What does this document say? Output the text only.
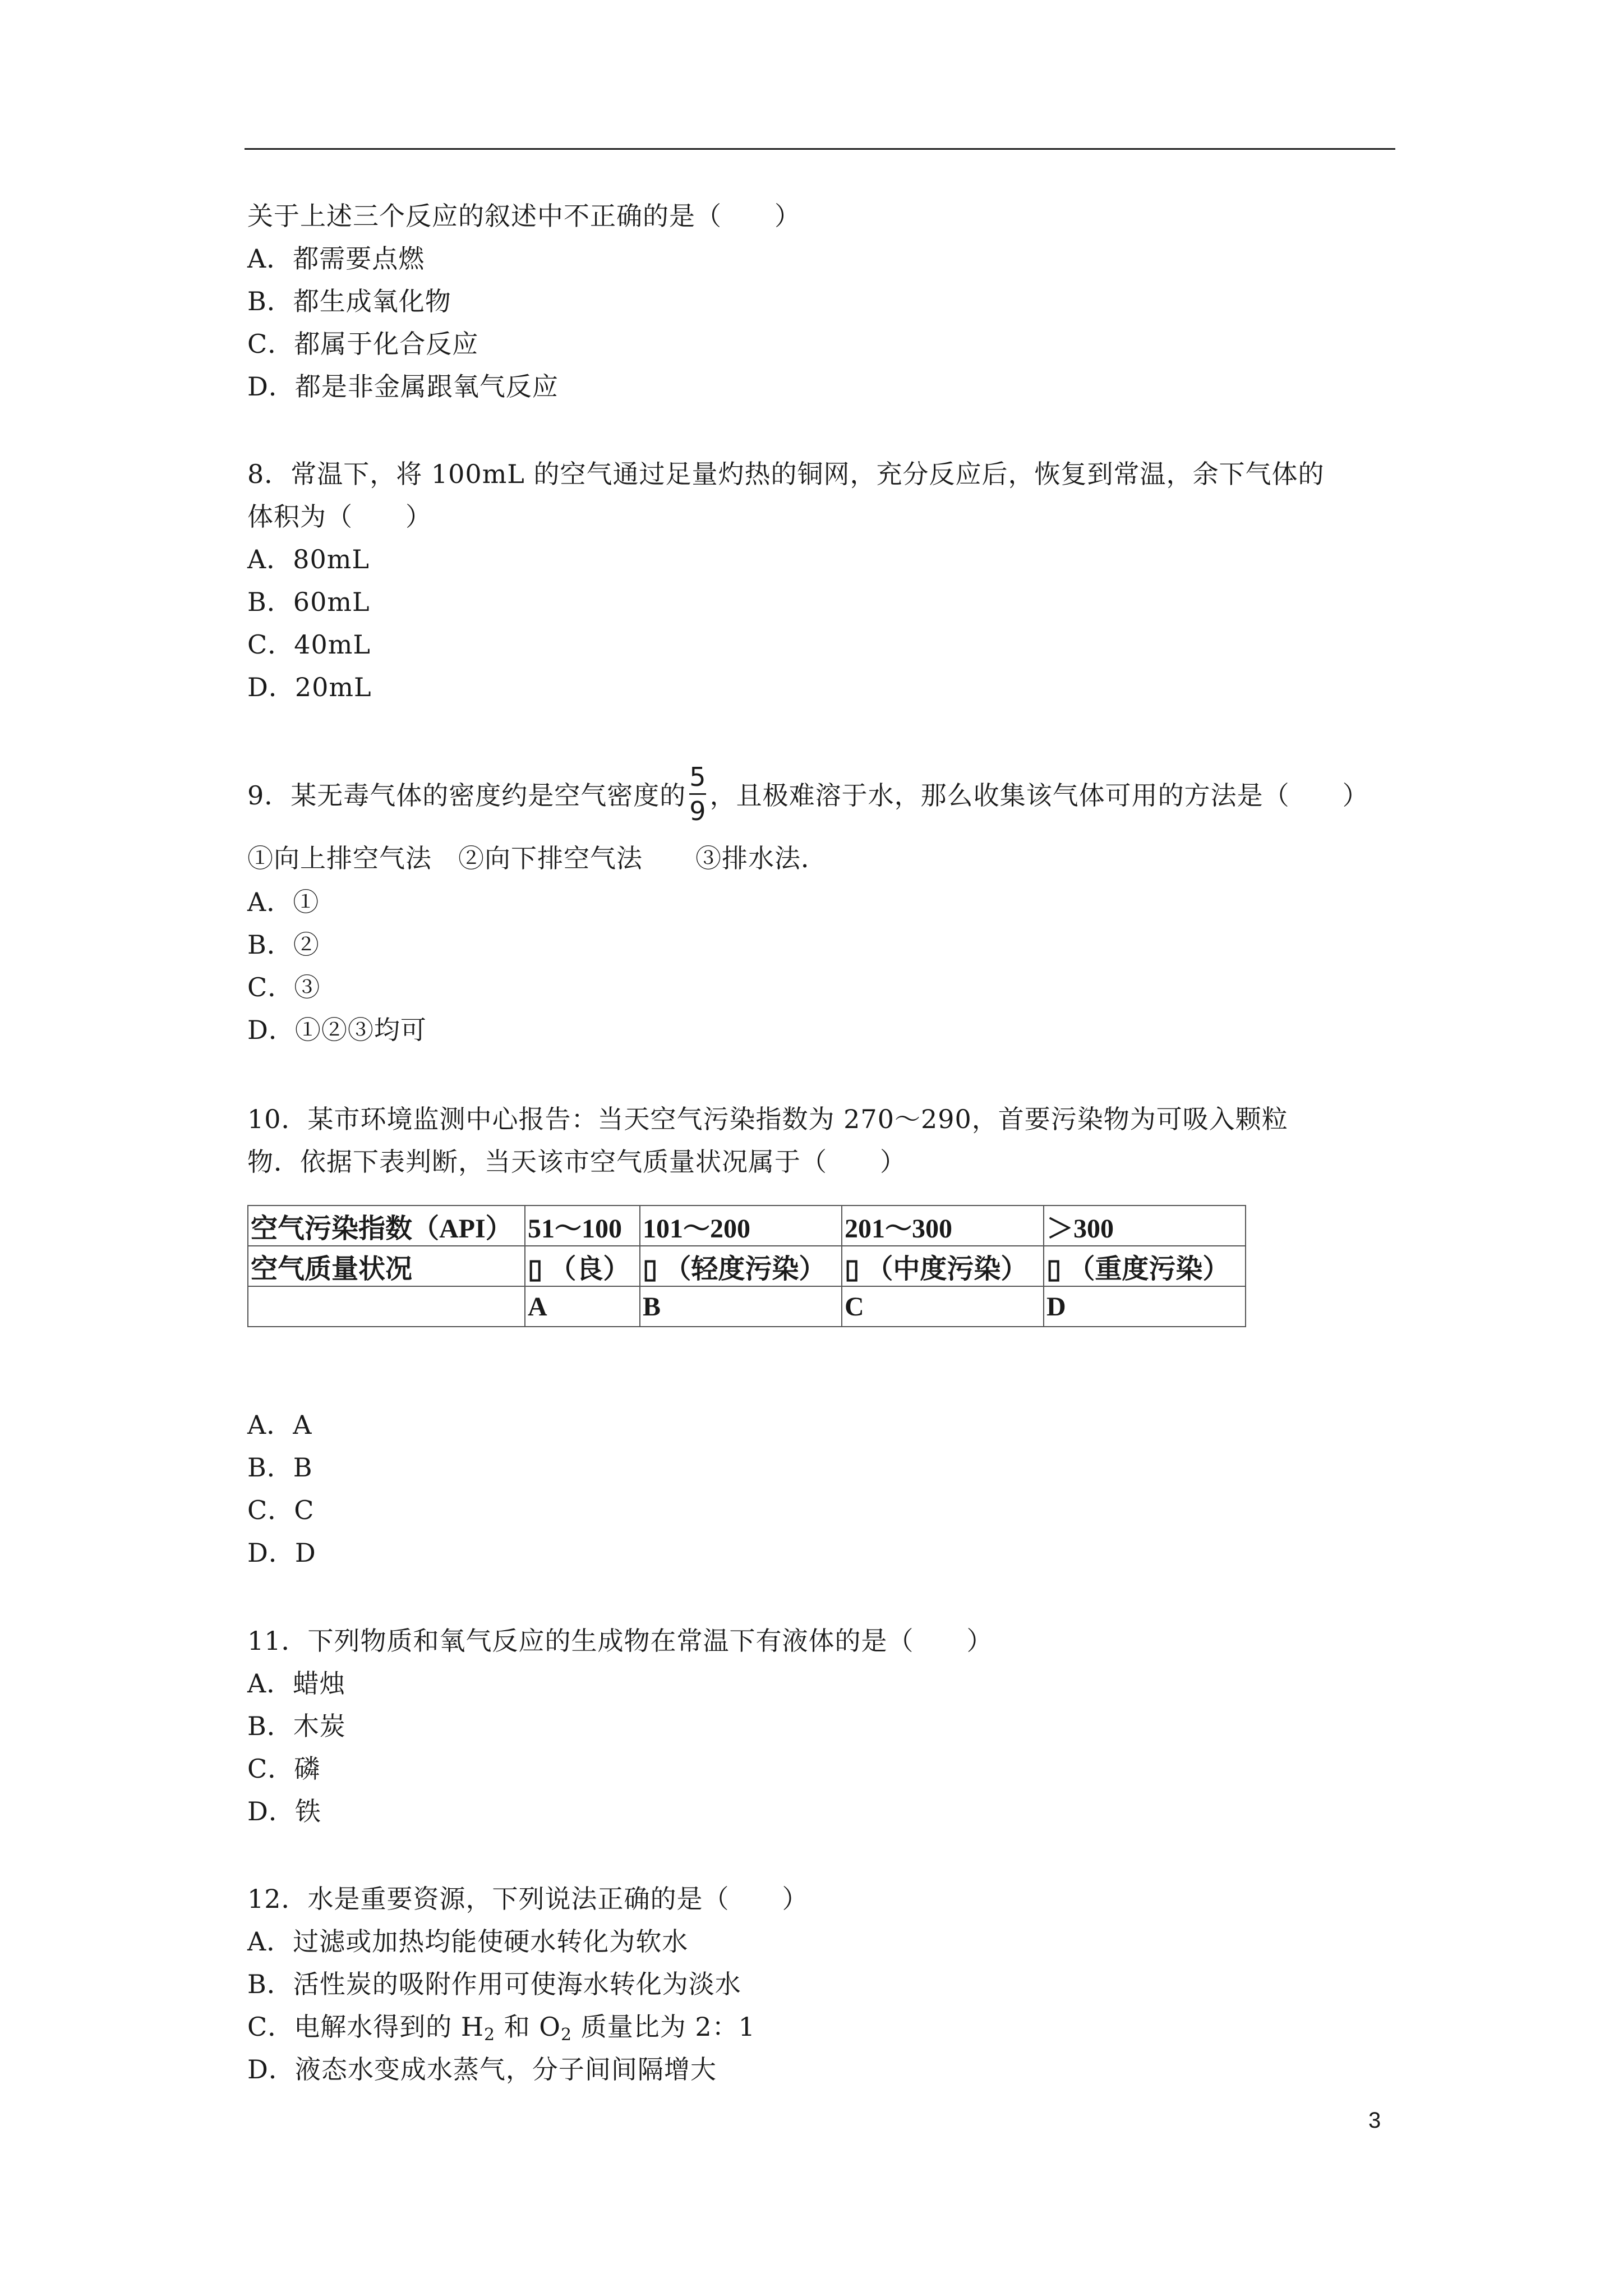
关于上述三个反应的叙述中不正确的是（　　）
A．都需要点燃
B．都生成氧化物
C．都属于化合反应
D．都是非金属跟氧气反应
8．常温下，将 100mL 的空气通过足量灼热的铜网，充分反应后，恢复到常温，余下气体的
体积为（　　）
A．80mL
B．60mL
C．40mL
D．20mL
9．某无毒气体的密度约是空气密度的 $\frac{5}{9}$ ，且极难溶于水，那么收集该气体可用的方法是（　　）
①向上排空气法　②向下排空气法　　③排水法．
A．①
B．②
C．③
D．①②③均可
10．某市环境监测中心报告：当天空气污染指数为 270～290，首要污染物为可吸入颗粒
物．依据下表判断，当天该市空气质量状况属于（　　）
空气污染指数（API）	51～100	101～200	201～300	＞300
空气质量状况	▯ （良）	▯ （轻度污染）	▯ （中度污染）	▯ （重度污染）
	A	B	C	D
A．A
B．B
C．C
D．D
11．下列物质和氧气反应的生成物在常温下有液体的是（　　）
A．蜡烛
B．木炭
C．磷
D．铁
12．水是重要资源，下列说法正确的是（　　）
A．过滤或加热均能使硬水转化为软水
B．活性炭的吸附作用可使海水转化为淡水
C．电解水得到的 $H_2$ 和 $O_2$ 质量比为 2：1
D．液态水变成水蒸气，分子间间隔增大
3
